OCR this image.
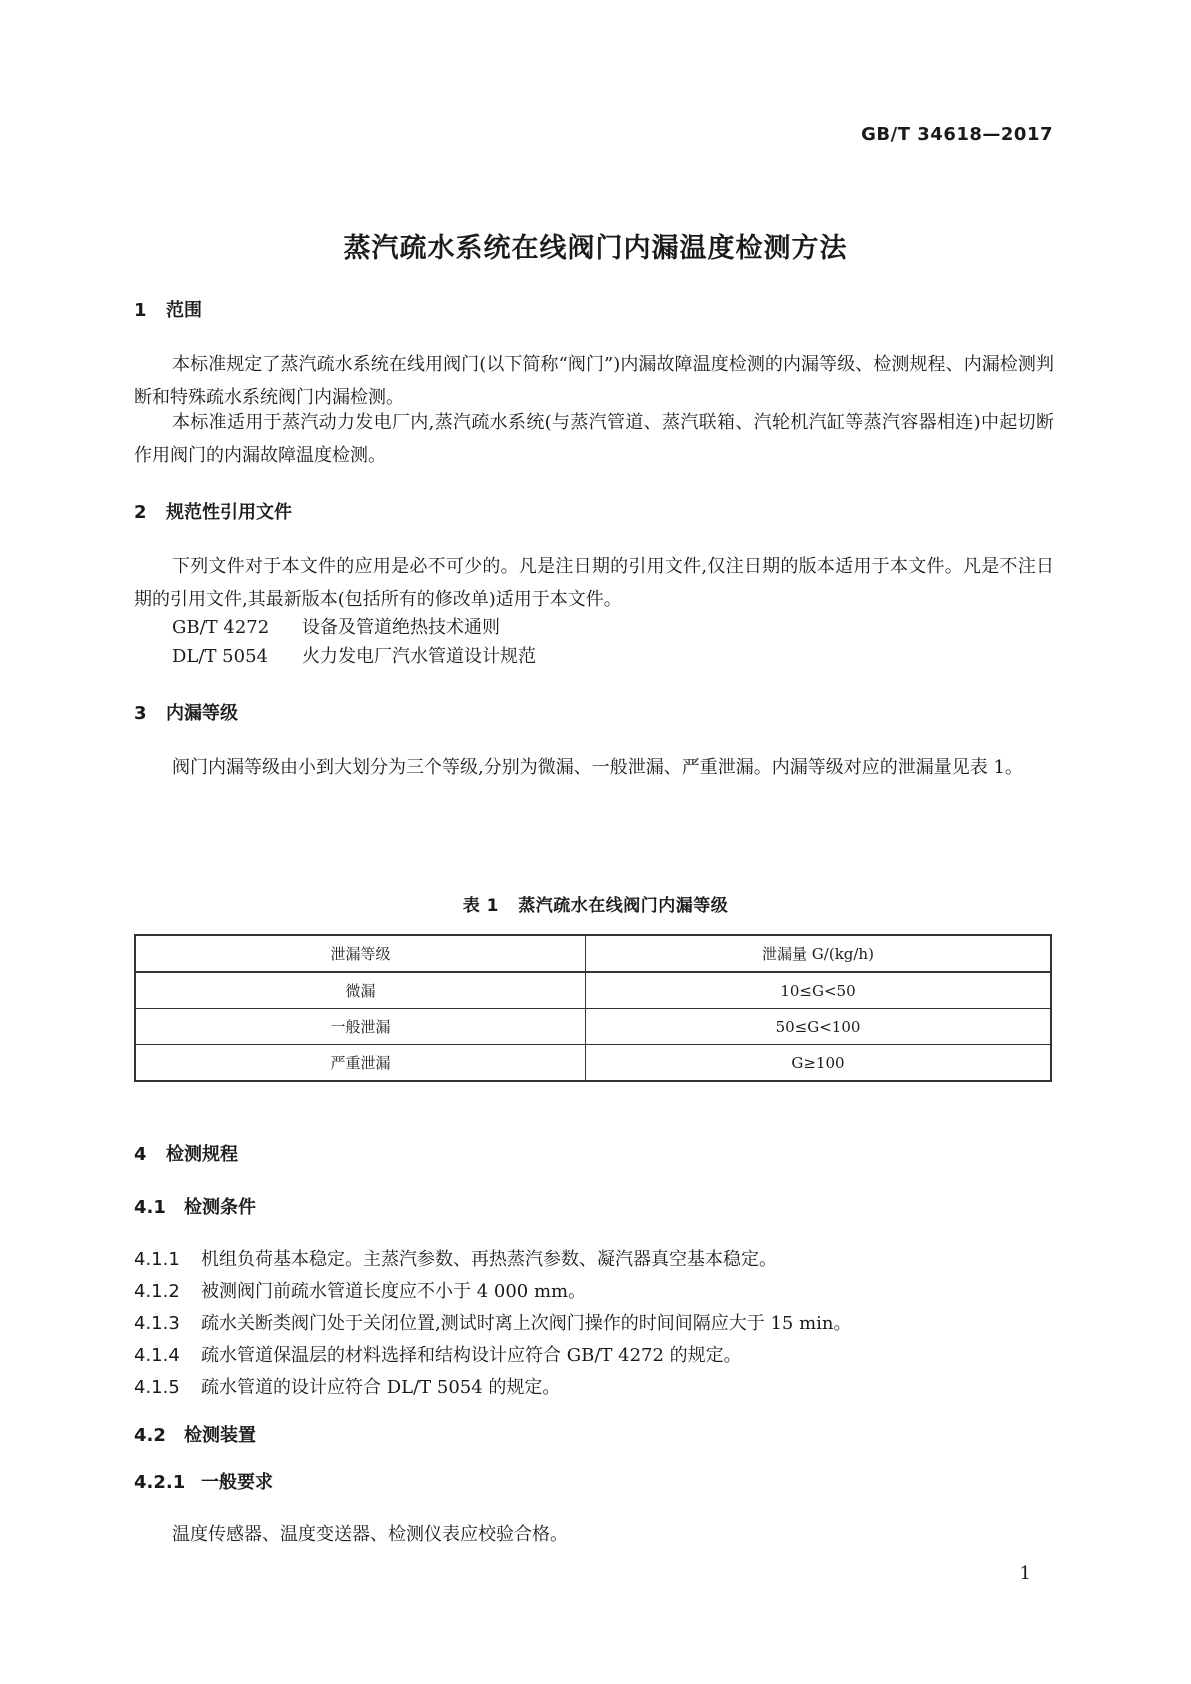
GB/T 34618—2017
蒸汽疏水系统在线阀门内漏温度检测方法
1 范围

本标准规定了蒸汽疏水系统在线用阀门(以下简称“阀门”)内漏故障温度检测的内漏等级、检测规程、内漏检测判断和特殊疏水系统阀门内漏检测。

本标准适用于蒸汽动力发电厂内,蒸汽疏水系统(与蒸汽管道、蒸汽联箱、汽轮机汽缸等蒸汽容器相连)中起切断作用阀门的内漏故障温度检测。

2 规范性引用文件

下列文件对于本文件的应用是必不可少的。凡是注日期的引用文件,仅注日期的版本适用于本文件。凡是不注日期的引用文件,其最新版本(包括所有的修改单)适用于本文件。

GB/T 4272 设备及管道绝热技术通则
DL/T 5054 火力发电厂汽水管道设计规范
3 内漏等级

阀门内漏等级由小到大划分为三个等级,分别为微漏、一般泄漏、严重泄漏。内漏等级对应的泄漏量见表 1。

表 1 蒸汽疏水在线阀门内漏等级
泄漏等级	泄漏量 G/(kg/h)
微漏	10≤G<50
一般泄漏	50≤G<100
严重泄漏	G≥100
4 检测规程
4.1 检测条件
4.1.1 机组负荷基本稳定。主蒸汽参数、再热蒸汽参数、凝汽器真空基本稳定。
4.1.2 被测阀门前疏水管道长度应不小于 4 000 mm。
4.1.3 疏水关断类阀门处于关闭位置,测试时离上次阀门操作的时间间隔应大于 15 min。
4.1.4 疏水管道保温层的材料选择和结构设计应符合 GB/T 4272 的规定。
4.1.5 疏水管道的设计应符合 DL/T 5054 的规定。
4.2 检测装置
4.2.1 一般要求

温度传感器、温度变送器、检测仪表应校验合格。

1
